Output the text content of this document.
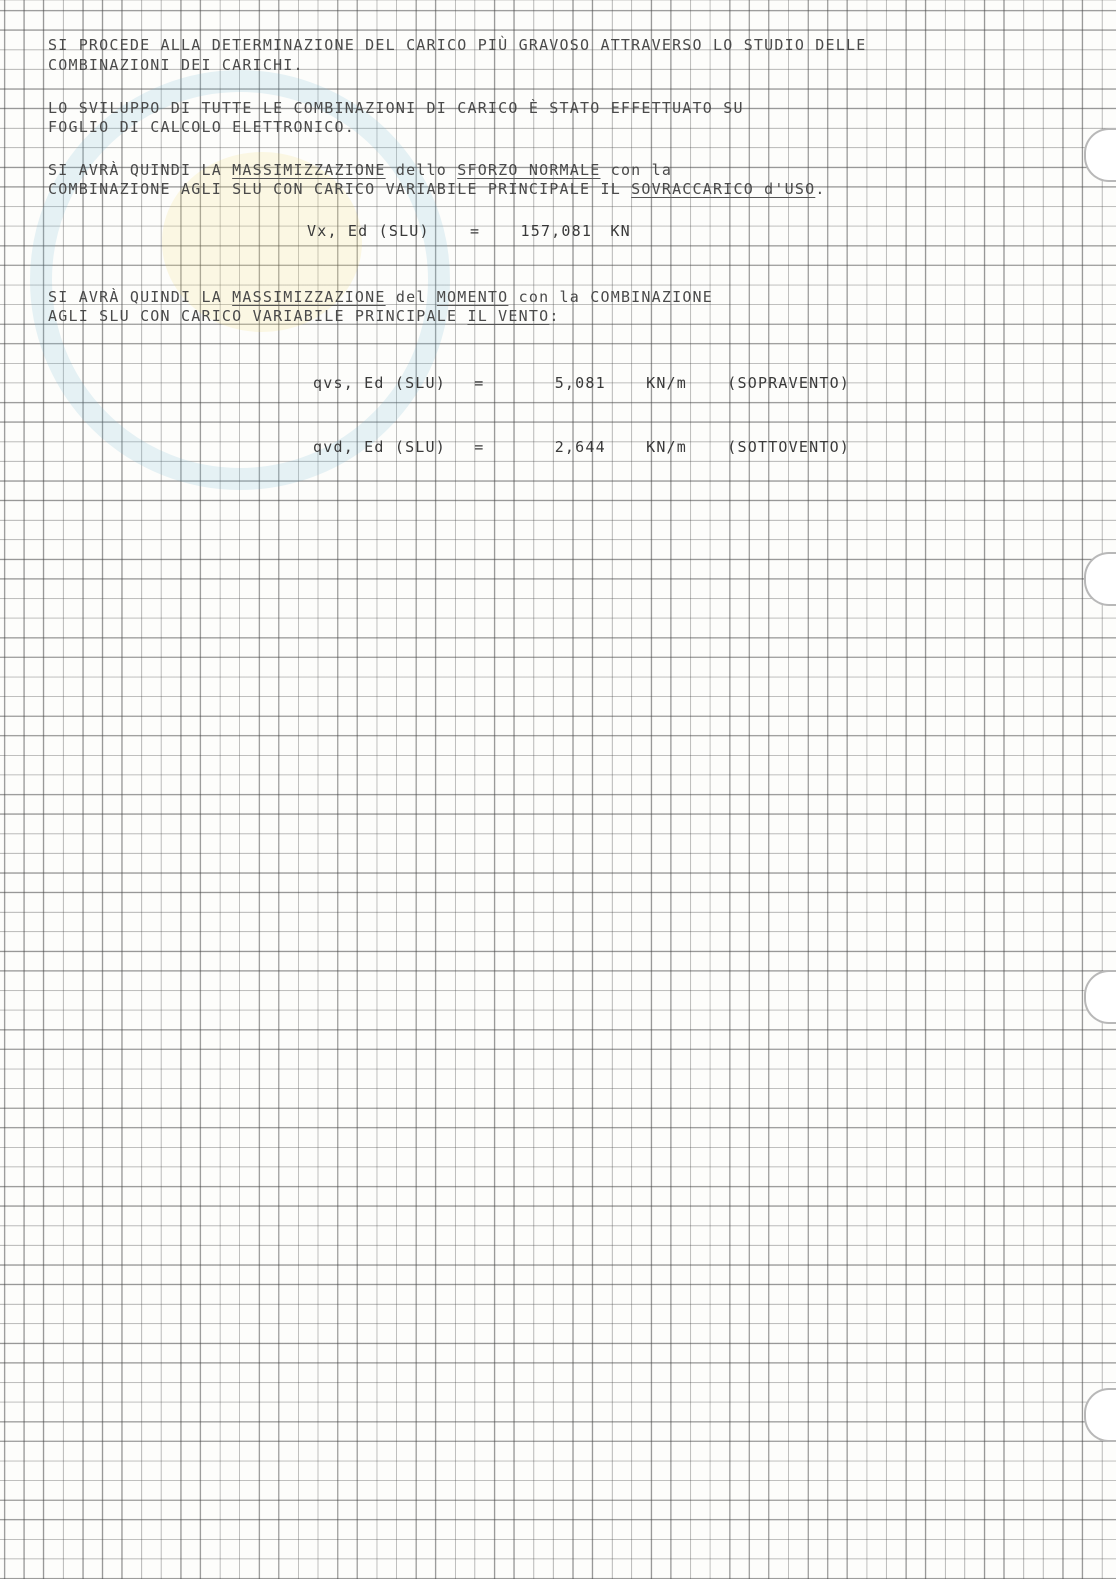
SI PROCEDE ALLA DETERMINAZIONE DEL CARICO PIÙ GRAVOSO ATTRAVERSO LO STUDIO DELLE
COMBINAZIONI DEI CARICHI.
LO SVILUPPO DI TUTTE LE COMBINAZIONI DI CARICO È STATO EFFETTUATO SU
FOGLIO DI CALCOLO ELETTRONICO.
SI AVRÀ QUINDI LA MASSIMIZZAZIONE dello SFORZO NORMALE con la
COMBINAZIONE AGLI SLU CON CARICO VARIABILE PRINCIPALE IL SOVRACCARICO d'USO.
Vx, Ed (SLU)	=	157,081 KN
SI AVRÀ QUINDI LA MASSIMIZZAZIONE del MOMENTO con la COMBINAZIONE
AGLI SLU CON CARICO VARIABILE PRINCIPALE IL VENTO:
qvs, Ed (SLU) =	5,081	KN/m	(SOPRAVENTO)
qvd, Ed (SLU) =	2,644	KN/m	(SOTTOVENTO)
